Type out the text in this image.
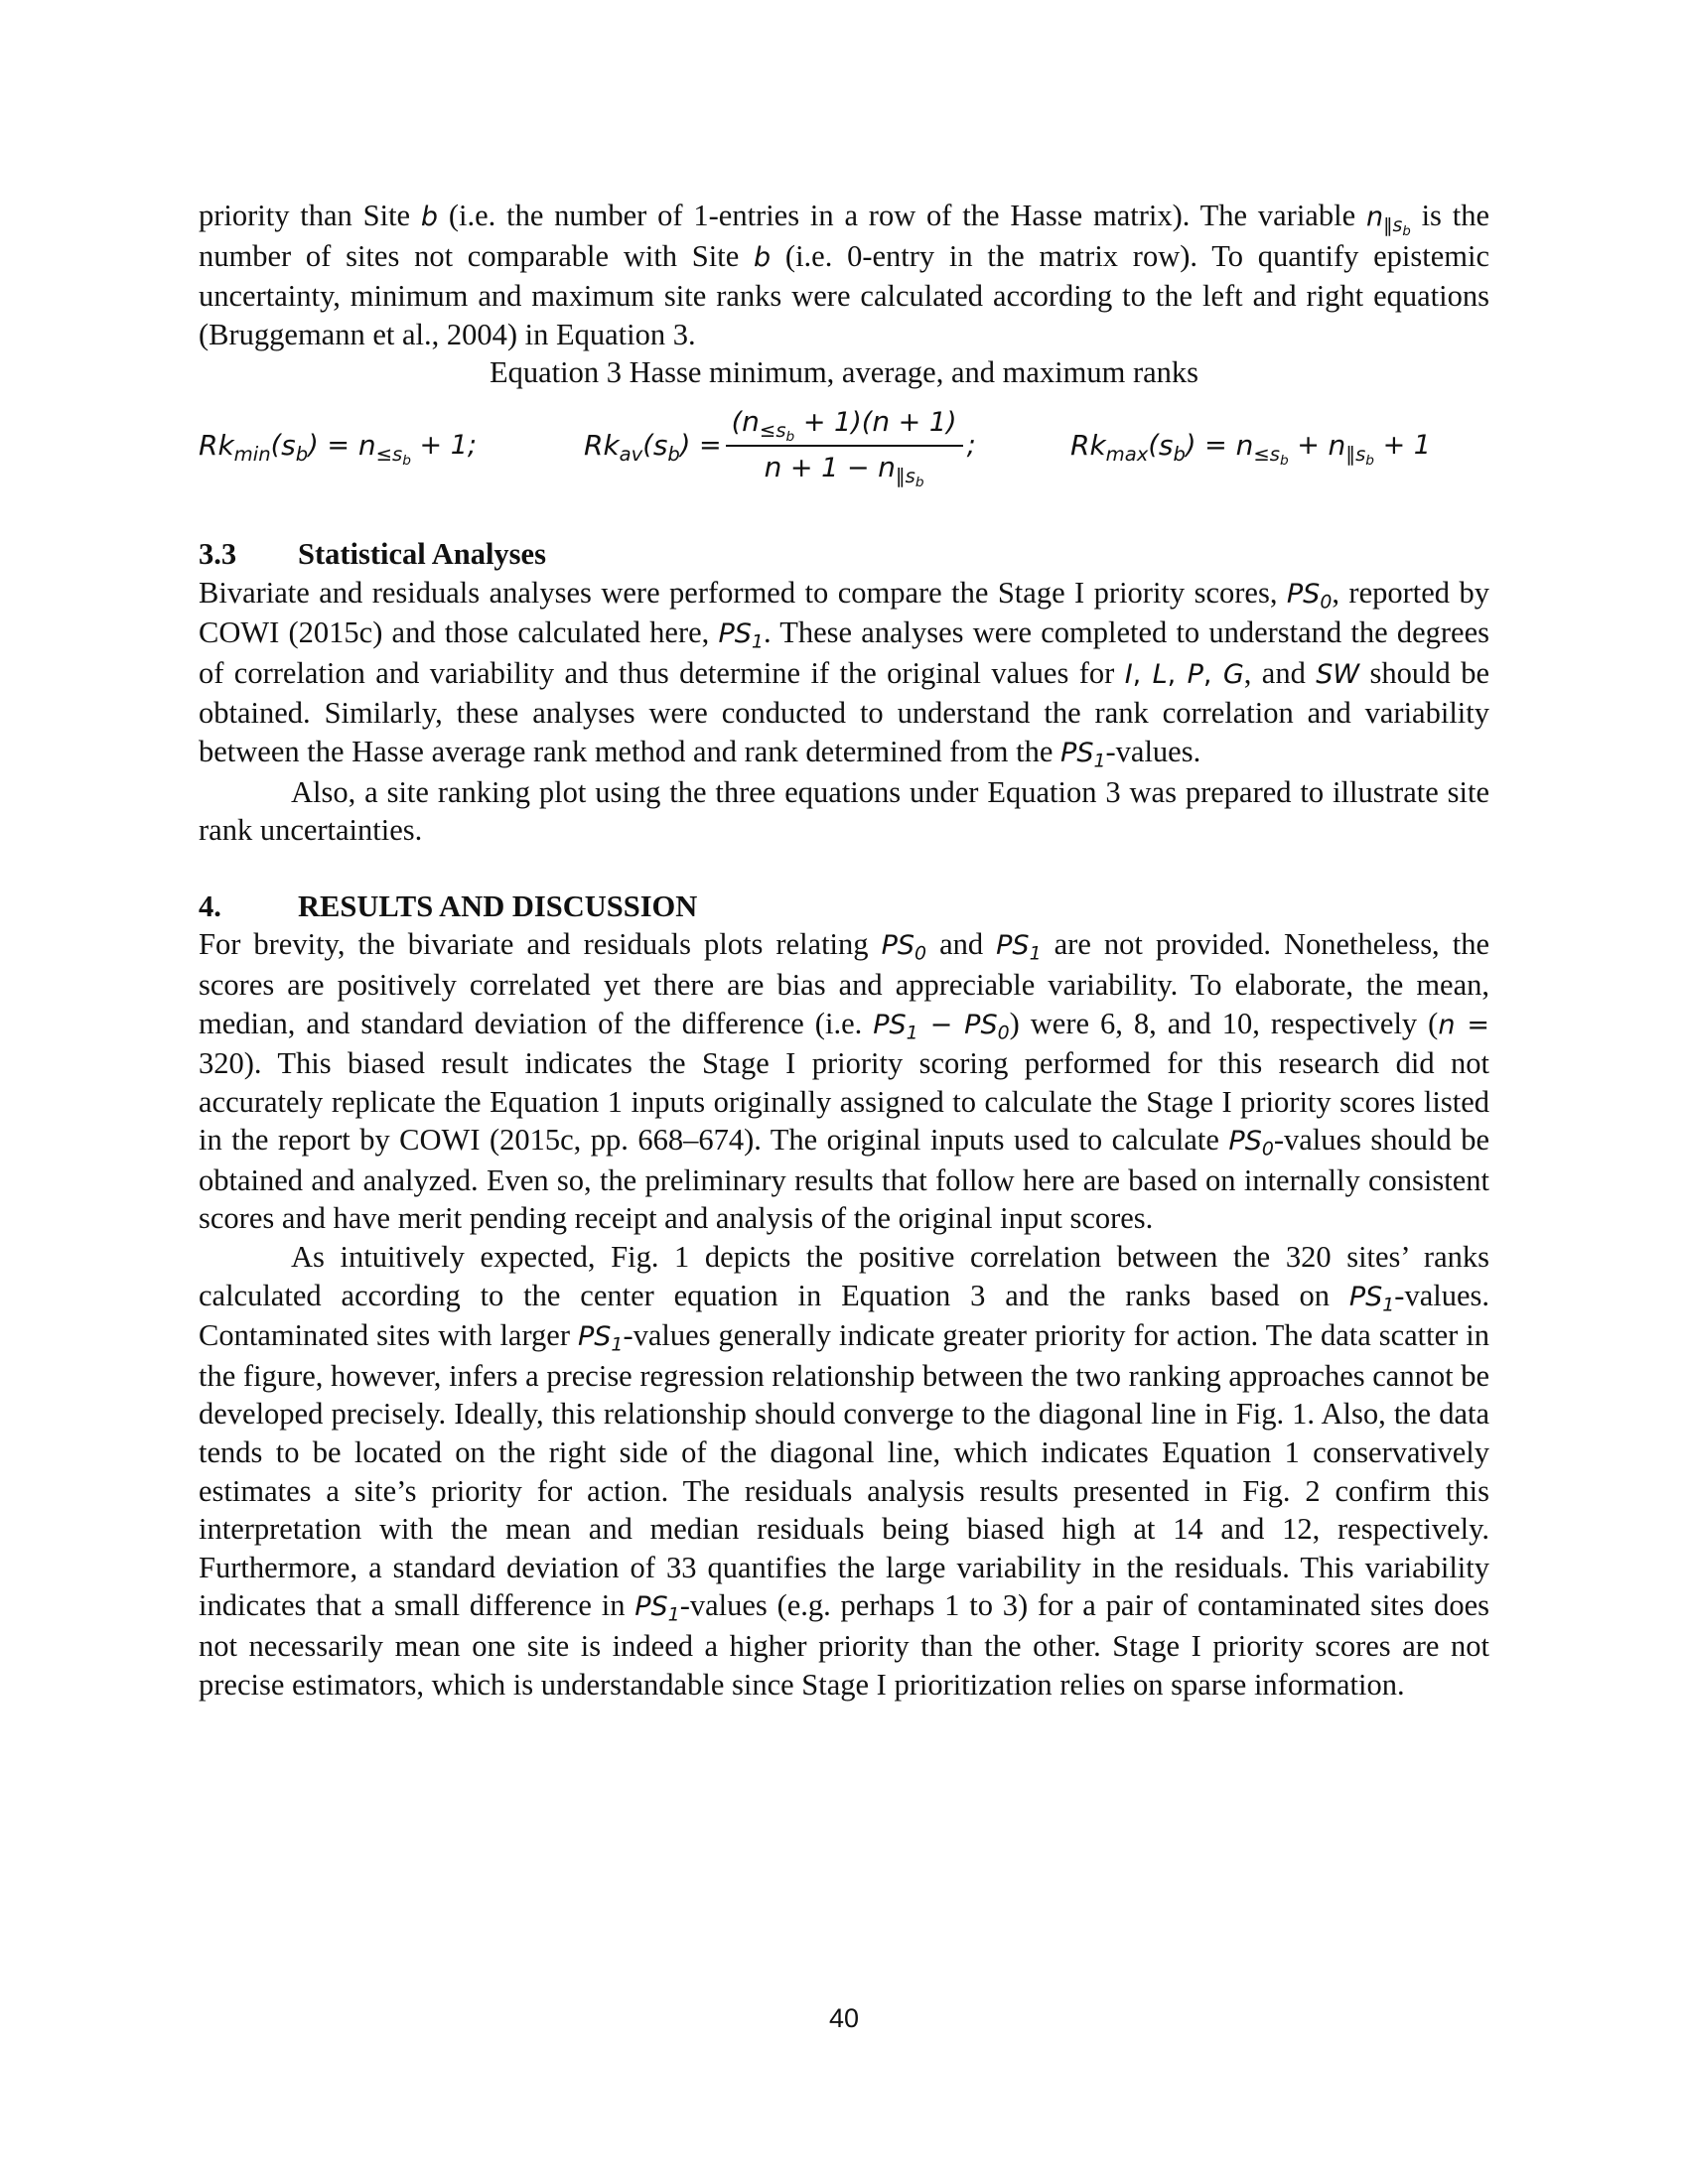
priority than Site b (i.e. the number of 1-entries in a row of the Hasse matrix). The variable $n_{‖s_b}$ is the number of sites not comparable with Site b (i.e. 0-entry in the matrix row). To quantify epistemic uncertainty, minimum and maximum site ranks were calculated according to the left and right equations (Bruggemann et al., 2004) in Equation 3.

Equation 3 Hasse minimum, average, and maximum ranks

$Rk_{min}$ ( $s_b$ ) = $n_{\le s_b} + 1$;	$Rk_{av}$ ( $s_b$ ) = $\frac{(n_{\le s_b} + 1)(n + 1)}{n + 1 - n_{‖s_b}}$ ;	$Rk_{max}$ ( $s_b$ ) = $n_{\le s_b} + n_{‖s_b} + 1$
3.3	Statistical Analyses

Bivariate and residuals analyses were performed to compare the Stage I priority scores, $PS_0$, reported by COWI (2015c) and those calculated here, $PS_1$. These analyses were completed to understand the degrees of correlation and variability and thus determine if the original values for I, L, P, G, and SW should be obtained. Similarly, these analyses were conducted to understand the rank correlation and variability between the Hasse average rank method and rank determined from the $PS_1$-values.

Also, a site ranking plot using the three equations under Equation 3 was prepared to illustrate site rank uncertainties.

4.	RESULTS AND DISCUSSION

For brevity, the bivariate and residuals plots relating $PS_0$ and $PS_1$ are not provided. Nonetheless, the scores are positively correlated yet there are bias and appreciable variability. To elaborate, the mean, median, and standard deviation of the difference (i.e. $PS_1 - PS_0$) were 6, 8, and 10, respectively (n = 320). This biased result indicates the Stage I priority scoring performed for this research did not accurately replicate the Equation 1 inputs originally assigned to calculate the Stage I priority scores listed in the report by COWI (2015c, pp. 668–674). The original inputs used to calculate $PS_0$-values should be obtained and analyzed. Even so, the preliminary results that follow here are based on internally consistent scores and have merit pending receipt and analysis of the original input scores.

As intuitively expected, Fig. 1 depicts the positive correlation between the 320 sites’ ranks calculated according to the center equation in Equation 3 and the ranks based on $PS_1$-values. Contaminated sites with larger $PS_1$-values generally indicate greater priority for action. The data scatter in the figure, however, infers a precise regression relationship between the two ranking approaches cannot be developed precisely. Ideally, this relationship should converge to the diagonal line in Fig. 1. Also, the data tends to be located on the right side of the diagonal line, which indicates Equation 1 conservatively estimates a site’s priority for action. The residuals analysis results presented in Fig. 2 confirm this interpretation with the mean and median residuals being biased high at 14 and 12, respectively. Furthermore, a standard deviation of 33 quantifies the large variability in the residuals. This variability indicates that a small difference in $PS_1$-values (e.g. perhaps 1 to 3) for a pair of contaminated sites does not necessarily mean one site is indeed a higher priority than the other. Stage I priority scores are not precise estimators, which is understandable since Stage I prioritization relies on sparse information.

40
